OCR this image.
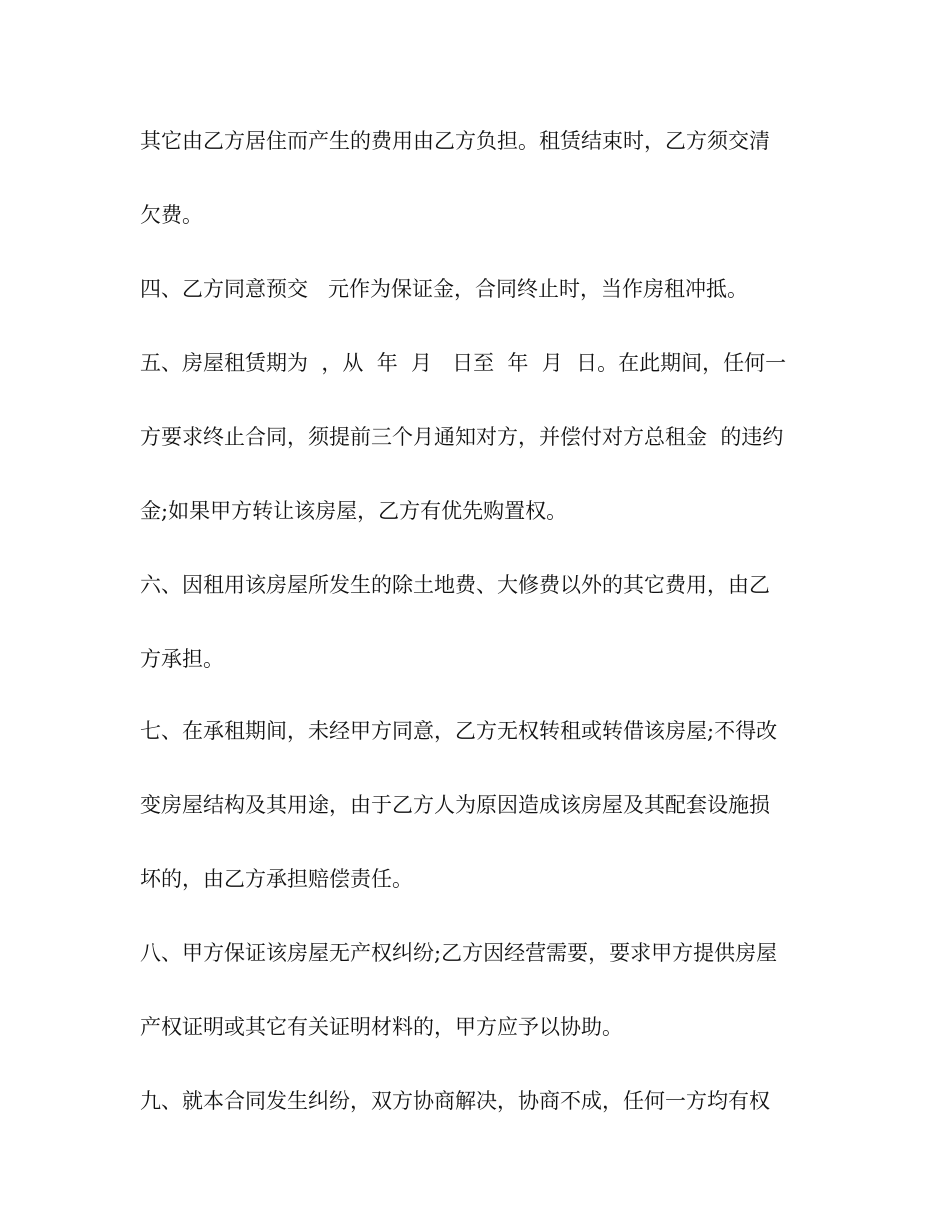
其它由乙方居住而产生的费用由乙方负担。租赁结束时，乙方须交清

欠费。

四、乙方同意预交   元作为保证金，合同终止时，当作房租冲抵。

五、房屋租赁期为  ，从  年  月   日至  年  月  日。在此期间，任何一

方要求终止合同，须提前三个月通知对方，并偿付对方总租金  的违约

金;如果甲方转让该房屋，乙方有优先购置权。

六、因租用该房屋所发生的除土地费、大修费以外的其它费用，由乙

方承担。

七、在承租期间，未经甲方同意，乙方无权转租或转借该房屋;不得改

变房屋结构及其用途，由于乙方人为原因造成该房屋及其配套设施损

坏的，由乙方承担赔偿责任。

八、甲方保证该房屋无产权纠纷;乙方因经营需要，要求甲方提供房屋

产权证明或其它有关证明材料的，甲方应予以协助。

九、就本合同发生纠纷，双方协商解决，协商不成，任何一方均有权
